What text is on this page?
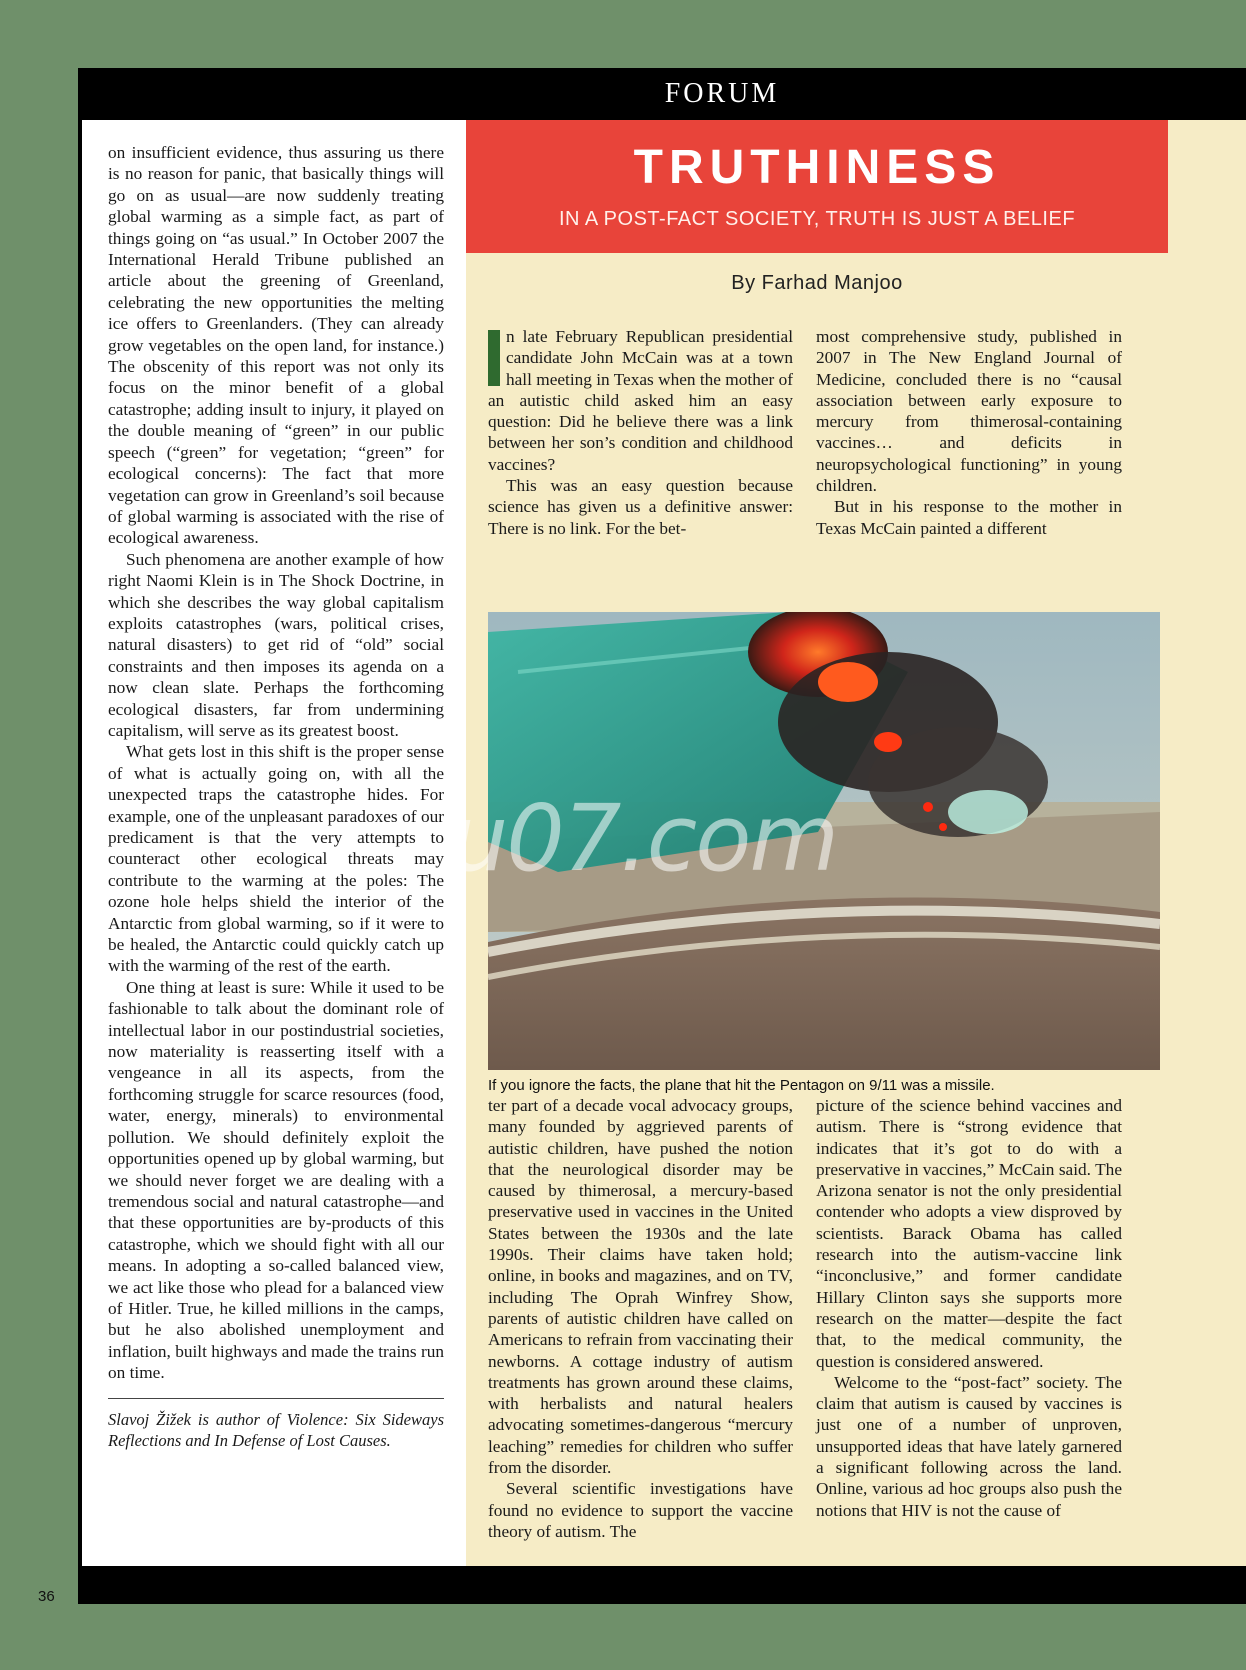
FORUM

on insufficient evidence, thus assuring us there is no reason for panic, that basically things will go on as usual—are now suddenly treating global warming as a simple fact, as part of things going on “as usual.” In October 2007 the International Herald Tribune published an article about the greening of Greenland, celebrating the new opportunities the melting ice offers to Greenlanders. (They can already grow vegetables on the open land, for instance.) The obscenity of this report was not only its focus on the minor benefit of a global catastrophe; adding insult to injury, it played on the double meaning of “green” in our public speech (“green” for vegetation; “green” for ecological concerns): The fact that more vegetation can grow in Greenland’s soil because of global warming is associated with the rise of ecological awareness.

Such phenomena are another example of how right Naomi Klein is in The Shock Doctrine, in which she describes the way global capitalism exploits catastrophes (wars, political crises, natural disasters) to get rid of “old” social constraints and then imposes its agenda on a now clean slate. Perhaps the forthcoming ecological disasters, far from undermining capitalism, will serve as its greatest boost.

What gets lost in this shift is the proper sense of what is actually going on, with all the unexpected traps the catastrophe hides. For example, one of the unpleasant paradoxes of our predicament is that the very attempts to counteract other ecological threats may contribute to the warming at the poles: The ozone hole helps shield the interior of the Antarctic from global warming, so if it were to be healed, the Antarctic could quickly catch up with the warming of the rest of the earth.

One thing at least is sure: While it used to be fashionable to talk about the dominant role of intellectual labor in our postindustrial societies, now materiality is reasserting itself with a vengeance in all its aspects, from the forthcoming struggle for scarce resources (food, water, energy, minerals) to environmental pollution. We should definitely exploit the opportunities opened up by global warming, but we should never forget we are dealing with a tremendous social and natural catastrophe—and that these opportunities are by-products of this catastrophe, which we should fight with all our means. In adopting a so-called balanced view, we act like those who plead for a balanced view of Hitler. True, he killed millions in the camps, but he also abolished unemployment and inflation, built highways and made the trains run on time.

Slavoj Žižek is author of Violence: Six Sideways Reflections and In Defense of Lost Causes.

TRUTHINESS
IN A POST-FACT SOCIETY, TRUTH IS JUST A BELIEF
By Farhad Manjoo

n late February Republican presidential candidate John McCain was at a town hall meeting in Texas when the mother of an autistic child asked him an easy question: Did he believe there was a link between her son’s condition and childhood vaccines?

This was an easy question because science has given us a definitive answer: There is no link. For the bet-

most comprehensive study, published in 2007 in The New England Journal of Medicine, concluded there is no “causal association between early exposure to mercury from thimerosal-containing vaccines… and deficits in neuropsychological functioning” in young children.

But in his response to the mother in Texas McCain painted a different

If you ignore the facts, the plane that hit the Pentagon on 9/11 was a missile.

ter part of a decade vocal advocacy groups, many founded by aggrieved parents of autistic children, have pushed the notion that the neurological disorder may be caused by thimerosal, a mercury-based preservative used in vaccines in the United States between the 1930s and the late 1990s. Their claims have taken hold; online, in books and magazines, and on TV, including The Oprah Winfrey Show, parents of autistic children have called on Americans to refrain from vaccinating their newborns. A cottage industry of autism treatments has grown around these claims, with herbalists and natural healers advocating sometimes-dangerous “mercury leaching” remedies for children who suffer from the disorder.

Several scientific investigations have found no evidence to support the vaccine theory of autism. The

picture of the science behind vaccines and autism. There is “strong evidence that indicates that it’s got to do with a preservative in vaccines,” McCain said. The Arizona senator is not the only presidential contender who adopts a view disproved by scientists. Barack Obama has called research into the autism-vaccine link “inconclusive,” and former candidate Hillary Clinton says she supports more research on the matter—despite the fact that, to the medical community, the question is considered answered.

Welcome to the “post-fact” society. The claim that autism is caused by vaccines is just one of a number of unproven, unsupported ideas that have lately garnered a significant following across the land. Online, various ad hoc groups also push the notions that HIV is not the cause of

u07.com
36
